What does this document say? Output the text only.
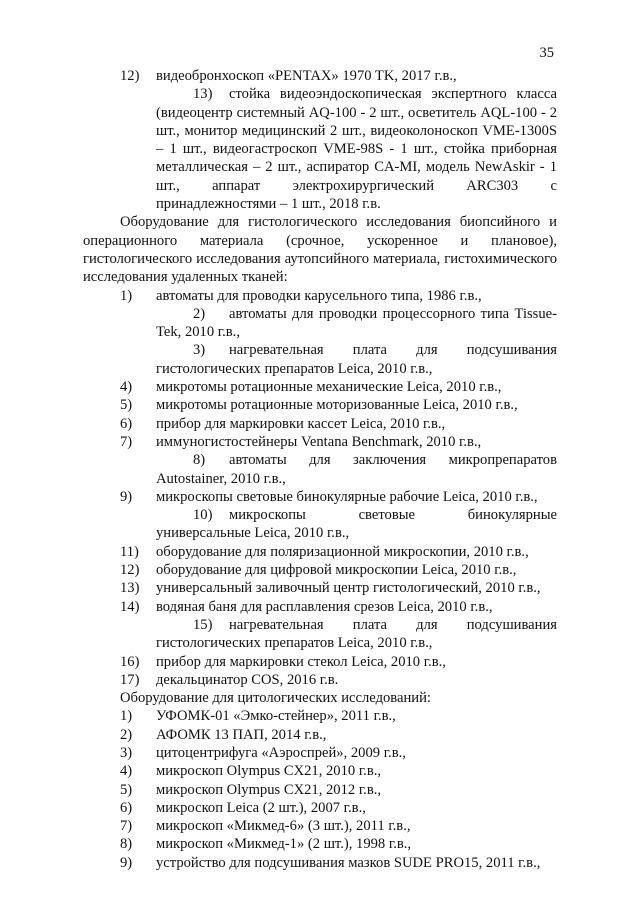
35
12) видеобронхоскоп «PENTAX» 1970 TK, 2017 г.в.,
13) стойка видеоэндоскопическая экспертного класса (видеоцентр системный AQ-100 - 2 шт., осветитель AQL-100 - 2 шт., монитор медицинский 2 шт., видеоколоноскоп VME-1300S – 1 шт., видеогастроскоп VME-98S - 1 шт., стойка приборная металлическая – 2 шт., аспиратор CA-MI, модель NewAskir - 1 шт., аппарат электрохирургический ARC303 с принадлежностями – 1 шт., 2018 г.в.
Оборудование для гистологического исследования биопсийного и операционного материала (срочное, ускоренное и плановое), гистологического исследования аутопсийного материала, гистохимического исследования удаленных тканей:
1) автоматы для проводки карусельного типа, 1986 г.в.,
2) автоматы для проводки процессорного типа Tissue-Tek, 2010 г.в.,
3) нагревательная плата для подсушивания гистологических препаратов Leica, 2010 г.в.,
4) микротомы ротационные механические Leica, 2010 г.в.,
5) микротомы ротационные моторизованные Leica, 2010 г.в.,
6) прибор для маркировки кассет Leica, 2010 г.в.,
7) иммуногистостейнеры Ventana Benchmark, 2010 г.в.,
8) автоматы для заключения микропрепаратов Autostainer, 2010 г.в.,
9) микроскопы световые бинокулярные рабочие Leica, 2010 г.в.,
10) микроскопы световые бинокулярные универсальные Leica, 2010 г.в.,
11) оборудование для поляризационной микроскопии, 2010 г.в.,
12) оборудование для цифровой микроскопии Leica, 2010 г.в.,
13) универсальный заливочный центр гистологический, 2010 г.в.,
14) водяная баня для расплавления срезов Leica, 2010 г.в.,
15) нагревательная плата для подсушивания гистологических препаратов Leica, 2010 г.в.,
16) прибор для маркировки стекол Leica, 2010 г.в.,
17) декальцинатор COS, 2016 г.в.
Оборудование для цитологических исследований:
1) УФОМК-01 «Эмко-стейнер», 2011 г.в.,
2) АФОМК 13 ПАП, 2014 г.в.,
3) цитоцентрифуга «Аэроспрей», 2009 г.в.,
4) микроскоп Olympus CX21, 2010 г.в.,
5) микроскоп Olympus CX21, 2012 г.в.,
6) микроскоп Leica (2 шт.), 2007 г.в.,
7) микроскоп «Микмед-6» (3 шт.), 2011 г.в.,
8) микроскоп «Микмед-1» (2 шт.), 1998 г.в.,
9) устройство для подсушивания мазков SUDE PRO15, 2011 г.в.,
